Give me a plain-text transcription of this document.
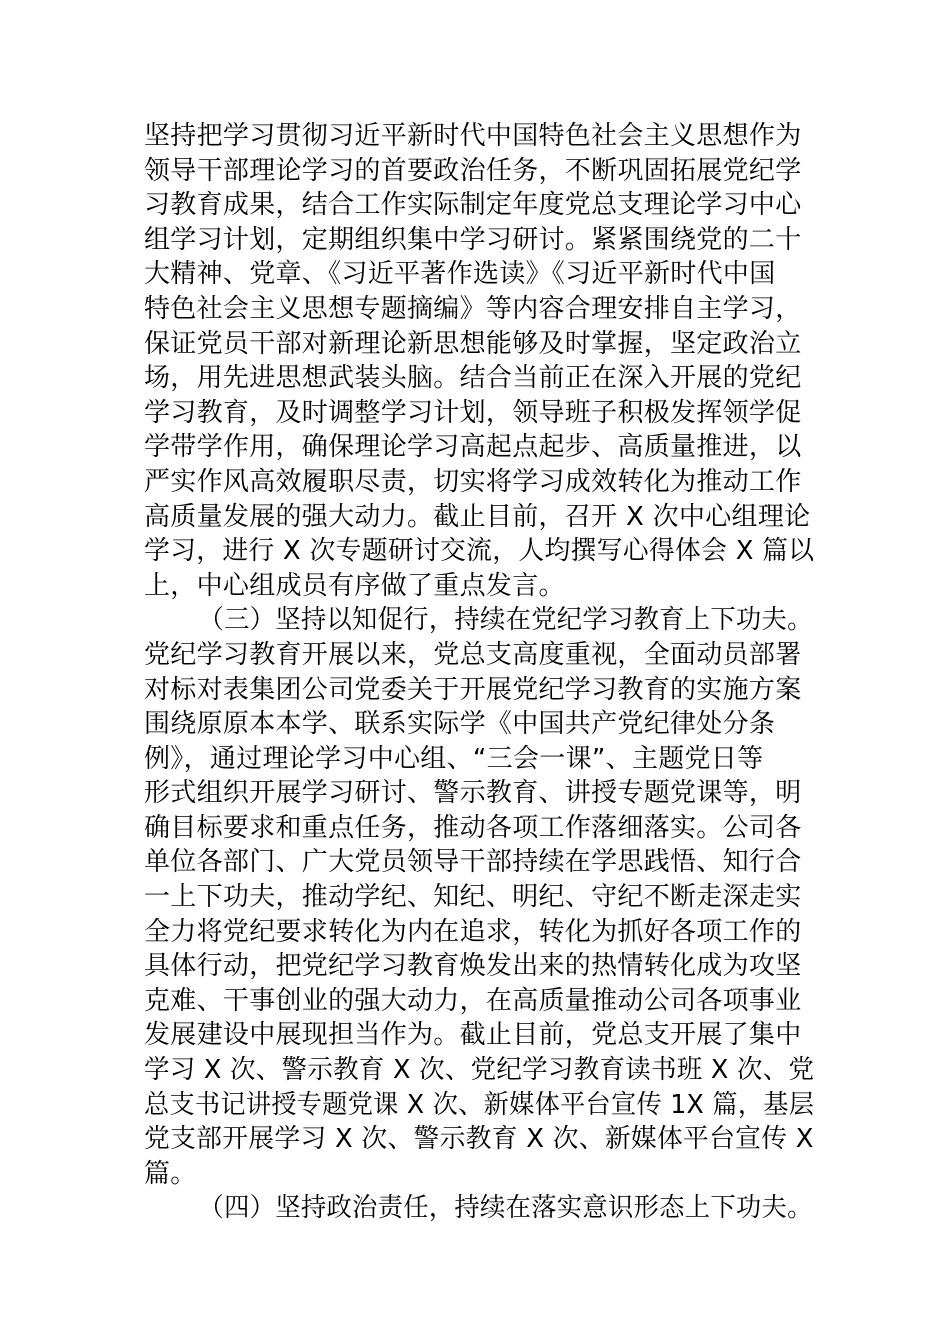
坚持把学习贯彻习近平新时代中国特色社会主义思想作为
领导干部理论学习的首要政治任务，不断巩固拓展党纪学
习教育成果，结合工作实际制定年度党总支理论学习中心
组学习计划，定期组织集中学习研讨。紧紧围绕党的二十
大精神、党章、《习近平著作选读》《习近平新时代中国
特色社会主义思想专题摘编》等内容合理安排自主学习，
保证党员干部对新理论新思想能够及时掌握，坚定政治立
场，用先进思想武装头脑。结合当前正在深入开展的党纪
学习教育，及时调整学习计划，领导班子积极发挥领学促
学带学作用，确保理论学习高起点起步、高质量推进，以
严实作风高效履职尽责，切实将学习成效转化为推动工作
高质量发展的强大动力。截止目前，召开 X 次中心组理论
学习，进行 X 次专题研讨交流，人均撰写心得体会 X 篇以
上，中心组成员有序做了重点发言。
（三）坚持以知促行，持续在党纪学习教育上下功夫。
党纪学习教育开展以来，党总支高度重视，全面动员部署
对标对表集团公司党委关于开展党纪学习教育的实施方案
围绕原原本本学、联系实际学《中国共产党纪律处分条
例》，通过理论学习中心组、“三会一课”、主题党日等
形式组织开展学习研讨、警示教育、讲授专题党课等，明
确目标要求和重点任务，推动各项工作落细落实。公司各
单位各部门、广大党员领导干部持续在学思践悟、知行合
一上下功夫，推动学纪、知纪、明纪、守纪不断走深走实
全力将党纪要求转化为内在追求，转化为抓好各项工作的
具体行动，把党纪学习教育焕发出来的热情转化成为攻坚
克难、干事创业的强大动力，在高质量推动公司各项事业
发展建设中展现担当作为。截止目前，党总支开展了集中
学习 X 次、警示教育 X 次、党纪学习教育读书班 X 次、党
总支书记讲授专题党课 X 次、新媒体平台宣传 1X 篇，基层
党支部开展学习 X 次、警示教育 X 次、新媒体平台宣传 X
篇。
（四）坚持政治责任，持续在落实意识形态上下功夫。
